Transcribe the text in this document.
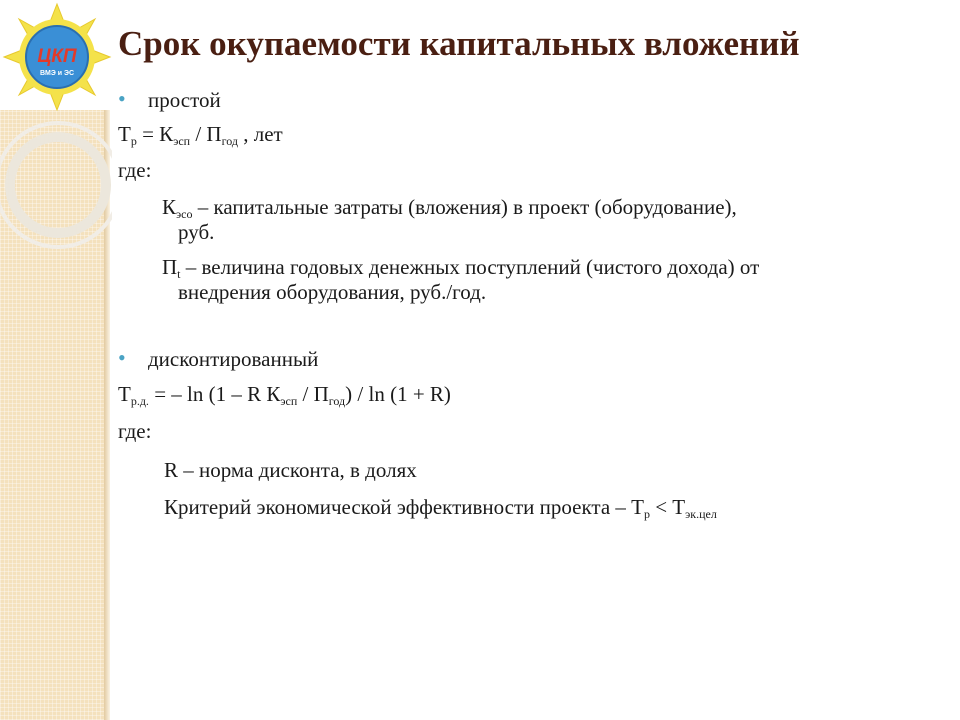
ЦКП
ВМЭ и ЭС
Срок окупаемости капитальных вложений

• простой

$Т_р = К_{эсп} / П_{год}$ , лет

где:

$К_{эсо}$ – капитальные затраты (вложения) в проект (оборудование),
руб.

$П_t$ – величина годовых денежных поступлений (чистого дохода) от
внедрения оборудования, руб./год.

• дисконтированный

$Т_{р.д.}$ = – ln (1 – R $К_{эсп} / П_{год}) / \ln (1 + R)$

где:

R – норма дисконта, в долях

Критерий экономической эффективности проекта – $Т_р < Т_{эк.цел}$
